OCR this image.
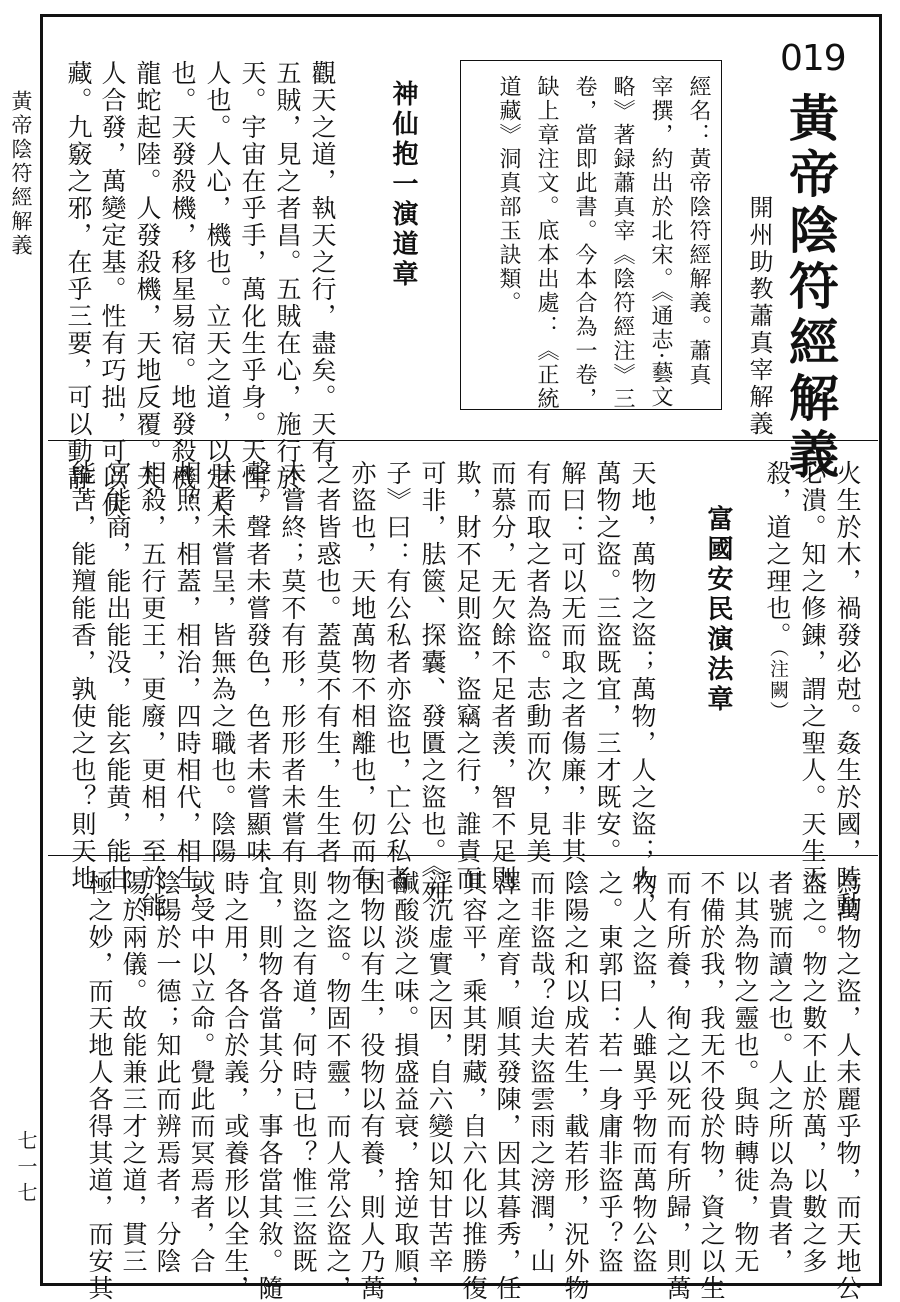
黃帝陰符經解義
七一七
019
黃帝陰符經解義
開州助教蕭真宰解義
經名：黃帝陰符經解義。蕭真
宰撰，約出於北宋。《通志·藝文
略》著録蕭真宰《陰符經注》三
卷，當即此書。今本合為一卷，
缺上章注文。底本出處：《正統
道藏》洞真部玉訣類。
神仙抱一演道章
觀天之道，執天之行，盡矣。天有
五賊，見之者昌。五賊在心，施行於
天。宇宙在乎手，萬化生乎身。天性，
人也。人心，機也。立天之道，以定人
也。天發殺機，移星易宿。地發殺機，
龍蛇起陸。人發殺機，天地反覆。天
人合發，萬變定基。性有巧拙，可以伏
藏。九竅之邪，在乎三要，可以動静。
火生於木，禍發必尅。姦生於國，時動
必潰。知之修錬，謂之聖人。天生天
殺，道之理也。
（注闕）
富國安民演法章
天地，萬物之盜；萬物，人之盜；人，
萬物之盜。三盜既宜，三才既安。
解曰：可以无而取之者傷廉，非其
有而取之者為盜。志動而次，見美
而慕分，无欠餘不足者羡，智不足則
欺，財不足則盜，盜竊之行，誰責而
可非，胠篋、探囊、發匱之盜也。《列
子》曰：有公私者亦盜也，亡公私者
亦盜也，天地萬物不相離也，仞而有
之者皆惑也。蓋莫不有生，生生者
未嘗終；莫不有形，形形者未嘗有
聲。聲者未嘗發色，色者未嘗顯味，
味者未嘗呈，皆無為之職也。陰陽
相照，相蓋，相治，四時相代，相生，
相殺，五行更王，更廢，更相，至於能
宮能商，能出能没，能玄能黄，能甘
能苦，能羶能香，孰使之也？則天地
為萬物之盜，人未麗乎物，而天地公
盜之。物之數不止於萬，以數之多
者號而讀之也。人之所以為貴者，
以其為物之靈也。與時轉徙，物无
不備於我，我无不役於物，資之以生
而有所養，徇之以死而有所歸，則萬
物人之盜，人雖異乎物而萬物公盜
之。東郭曰：若一身庸非盜乎？盜
陰陽之和以成若生，載若形，況外物
而非盜哉？迨夫盜雲雨之滂潤，山
澤之産育，順其發陳，因其暮秀，任
其容平，乘其閉藏，自六化以推勝復
淫沉虚實之因，自六變以知甘苦辛
鹹酸淡之味。損盛益衰，捨逆取順，
因物以有生，役物以有養，則人乃萬
物之盜。物固不靈，而人常公盜之，
則盜之有道，何時已也？惟三盜既
宜，則物各當其分，事各當其敘。隨
時之用，各合於義，或養形以全生，
或受中以立命。覺此而冥焉者，合
陰陽於一德；知此而辨焉者，分陰
陽於兩儀。故能兼三才之道，貫三
極之妙，而天地人各得其道，而安其
